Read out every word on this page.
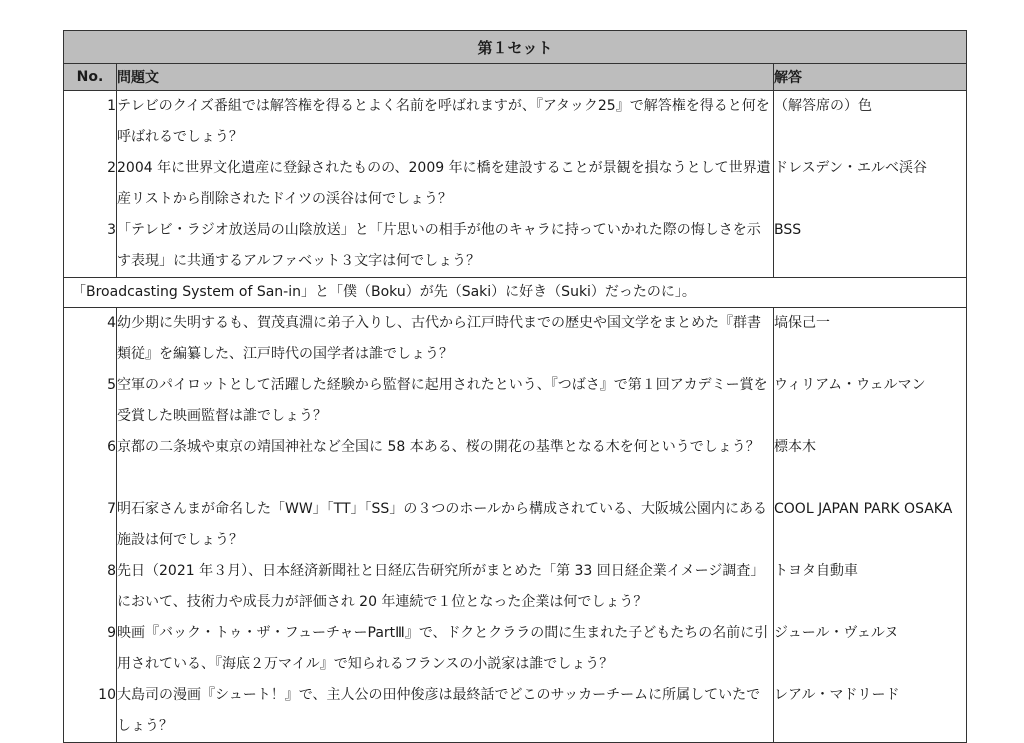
第１セット		
No.	問題文	解答
1	テレビのクイズ番組では解答権を得るとよく名前を呼ばれますが、『アタック25』で解答権を得ると何を呼ばれるでしょう？	（解答席の）色
2	2004 年に世界文化遺産に登録されたものの、2009 年に橋を建設することが景観を損なうとして世界遺産リストから削除されたドイツの渓谷は何でしょう？	ドレスデン・エルベ渓谷
3	「テレビ・ラジオ放送局の山陰放送」と「片思いの相手が他のキャラに持っていかれた際の悔しさを示す表現」に共通するアルファベット３文字は何でしょう？	BSS
「Broadcasting System of San-in」と「僕（Boku）が先（Saki）に好き（Suki）だったのに」。		
4	幼少期に失明するも、賀茂真淵に弟子入りし、古代から江戸時代までの歴史や国文学をまとめた『群書類従』を編纂した、江戸時代の国学者は誰でしょう？	塙保己一
5	空軍のパイロットとして活躍した経験から監督に起用されたという、『つばさ』で第１回アカデミー賞を受賞した映画監督は誰でしょう？	ウィリアム・ウェルマン
6	京都の二条城や東京の靖国神社など全国に 58 本ある、桜の開花の基準となる木を何というでしょう？	標本木
7	明石家さんまが命名した「WW」「TT」「SS」の３つのホールから構成されている、大阪城公園内にある施設は何でしょう？	COOL JAPAN PARK OSAKA
8	先日（2021 年３月）、日本経済新聞社と日経広告研究所がまとめた「第 33 回日経企業イメージ調査」において、技術力や成長力が評価され 20 年連続で１位となった企業は何でしょう？	トヨタ自動車
9	映画『バック・トゥ・ザ・フューチャーPartⅢ』で、ドクとクララの間に生まれた子どもたちの名前に引用されている、『海底２万マイル』で知られるフランスの小説家は誰でしょう？	ジュール・ヴェルヌ
10	大島司の漫画『シュート！』で、主人公の田仲俊彦は最終話でどこのサッカーチームに所属していたでしょう？	レアル・マドリード
